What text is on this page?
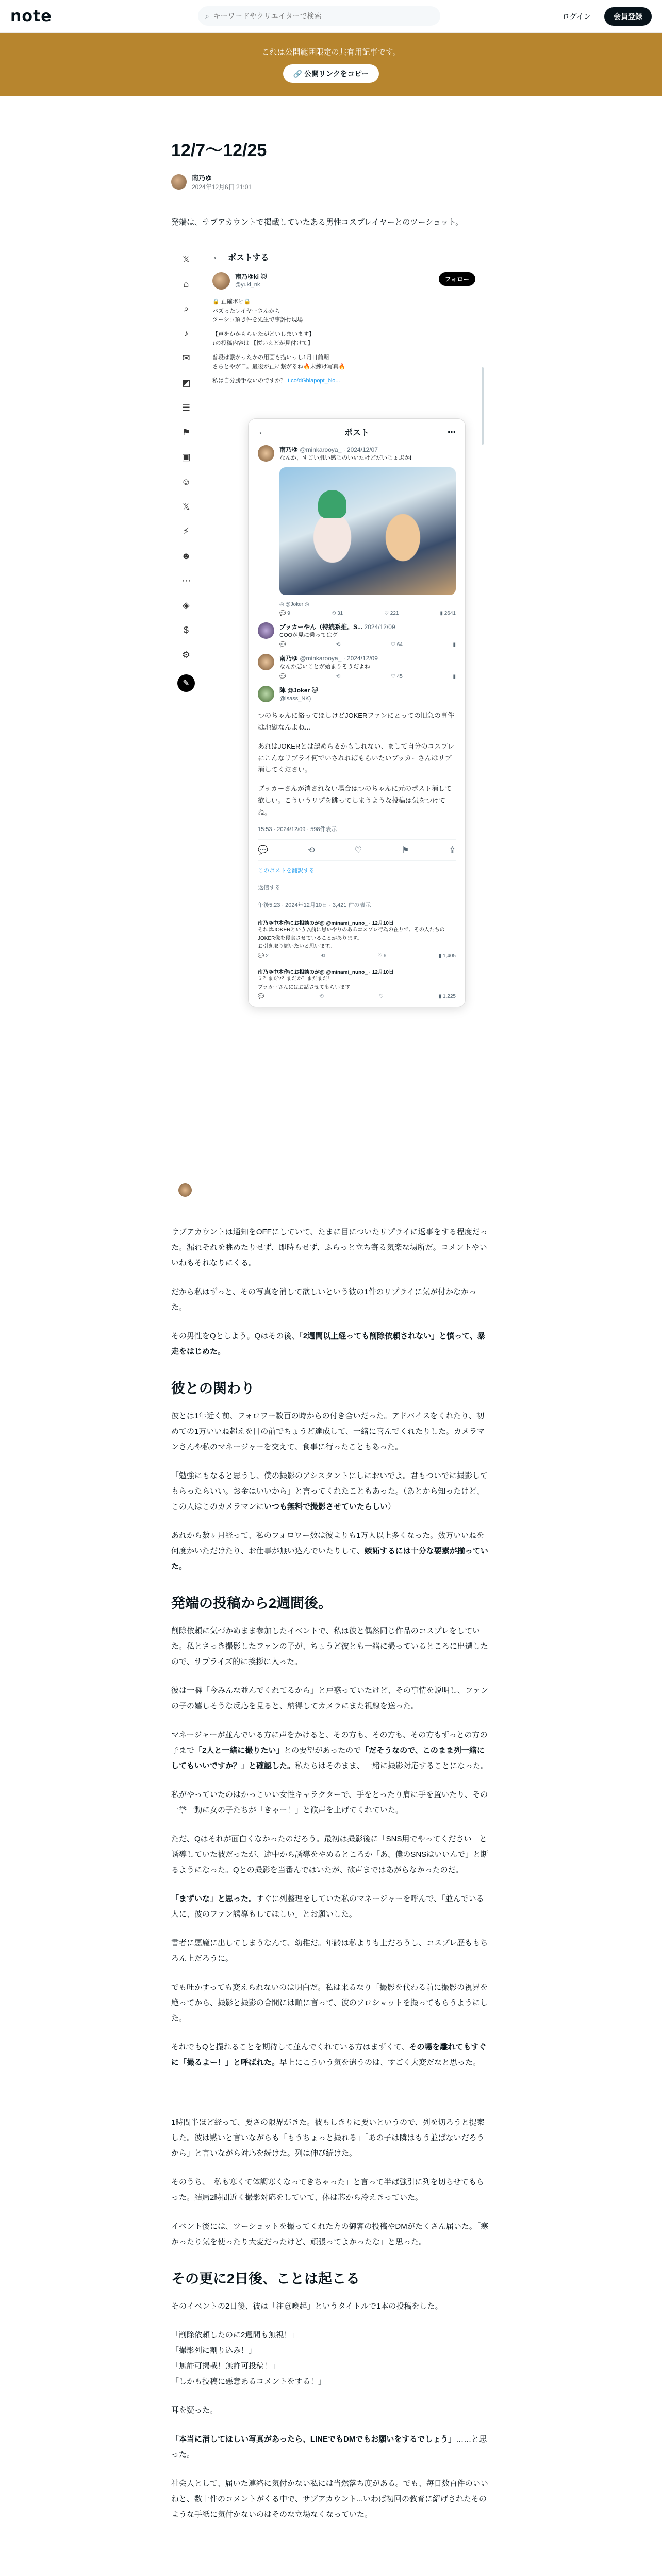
note	⌕
キーワードやクリエイターで検索	ログイン	会員登録
これは公開範囲限定の共有用記事です。
🔗 公開リンクをコピー
12/7〜12/25
南乃ゆ
2024年12月6日 21:01

発端は、サブアカウントで掲載していたある男性コスプレイヤーとのツーショット。

𝕏
⌂
⌕
♪
✉
◩
☰
⚑
▣
☺
𝕏
⚡
☻
⋯
◈
$
⚙
✎
← ポストする
南乃ゆki 🐱
@yuki_nk
フォロー
🔒 正確ボヒ🔒
バズったレイヤーさんから
ツーショ頂き件を先生で事評行現場
【声をかかもらいたがどいしまいます】
↓の投稿内容は 【懐いえどが見付けて】
普段は繋がったかの用画も描いっし1月日前期
さらとやが日。最後が正に繋がるね🔥未練け写真🔥
私は自分勝手ないのですか？ t.co/dGhiapopt_blo...
←	ポスト	⋯
南乃ゆ @minkarooya_ · 2024/12/07
なんか、すごい肌い感じのいいたけどだいじょぶか!
◎ @Joker ◎
💬 9	⟲ 31	♡ 221	▮ 2641
ブッカーやん（特続系推。S... 2024/12/09
COOが見に乗ってはグ
💬	⟲	♡ 64	▮
南乃ゆ @minkarooya_ · 2024/12/09
なんか悲いことが始まりそうだよね
💬	⟲	♡ 45	▮
陣 @Joker 🐱
@isass_NK)
つのちゃんに絡ってほしけどJOKERファンにとっての旧急の事件は地獄なんよね...
あれはJOKERとは認めらるかもしれない、まして自分のコスプレにこんなリプライ何でいされればもらいたいブッカーさんはリプ消してください。
ブッカーさんが消されない場合はつのちゃんに元のポスト消して欲しい。こういうリプを跳ってしまうような投稿は気をつけてね。
15:53 · 2024/12/09 · 598件表示
💬	⟲	♡	⚑	⇪
このポストを翻訳する
返信する
午後5:23 · 2024年12月10日 · 3,421 件の表示
南乃ゆ中本作にお相談のが@ @minami_nuno_ · 12月10日
それはJOKERという以前に思いやりのあるコスプレ行為の在りで、その人たちのJOKER像を侵食させていることがあります。
お引き取り願いたいと思います。
💬 2	⟲	♡ 6	▮ 1,405
南乃ゆ中本作にお相談のが@ @minami_nuno_ · 12月10日
ミ？まだ?？まだか？まだまだ！
ブッカーさんにはお話させてもらいます
💬	⟲	♡	▮ 1,225

サブアカウントは通知をOFFにしていて、たまに目についたリプライに返事をする程度だった。漏れそれを眺めたりせず、即時もせず、ふらっと立ち寄る気楽な場所だ。コメントやいいねもそれなりにくる。

だから私はずっと、その写真を消して欲しいという彼の1件のリプライに気が付かなかった。

その男性をQとしよう。Qはその後、「2週間以上経っても削除依頼されない」と憤って、暴走をはじめた。

彼との関わり

彼とは1年近く前、フォロワー数百の時からの付き合いだった。アドバイスをくれたり、初めての1万いいね超えを目の前でちょうど達成して、一緒に喜んでくれたりした。カメラマンさんや私のマネージャーを交えて、食事に行ったこともあった。

「勉強にもなると思うし、僕の撮影のアシスタントにしにおいでよ。君もついでに撮影してもらったらいい。お金はいいから」と言ってくれたこともあった。（あとから知ったけど、この人はこのカメラマンにいつも無料で撮影させていたらしい）

あれから数ヶ月経って、私のフォロワー数は彼よりも1万人以上多くなった。数万いいねを何度かいただけたり、お仕事が無い込んでいたりして、嫉妬するには十分な要素が揃っていた。

発端の投稿から2週間後。

削除依頼に気づかぬまま参加したイベントで、私は彼と偶然同じ作品のコスプレをしていた。私とさっき撮影したファンの子が、ちょうど彼とも一緒に撮っているところに出遭したので、サプライズ的に挨拶に入った。

彼は一瞬「今みんな並んでくれてるから」と戸惑っていたけど、その事情を説明し、ファンの子の嬉しそうな反応を見ると、納得してカメラにまた視線を送った。

マネージャーが並んでいる方に声をかけると、その方も、その方も、その方もずっとの方の子まで「2人と一緒に撮りたい」との要望があったので「だそうなので、このまま列一緒にしてもいいですか？」と確認した。私たちはそのまま、一緒に撮影対応することになった。

私がやっていたのはかっこいい女性キャラクターで、手をとったり肩に手を置いたり、その一挙一動に女の子たちが「きゃー！」と歓声を上げてくれていた。

ただ、Qはそれが面白くなかったのだろう。最初は撮影後に「SNS用でやってください」と誘導していた彼だったが、途中から誘導をやめるところか「あ、僕のSNSはいいんで」と断るようになった。Qとの撮影を当番んではいたが、歓声まではあがらなかったのだ。

「まずいな」と思った。すぐに列整理をしていた私のマネージャーを呼んで、「並んでいる人に、彼のファン誘導もしてほしい」とお願いした。

書者に悪魔に出してしまうなんて、幼稚だ。年齢は私よりも上だろうし、コスプレ歴ももちろん上だろうに。

でも吐かすっても変えられないのは明白だ。私は来るなり「撮影を代わる前に撮影の視界を絶ってから、撮影と撮影の合間には順に言って、彼のソロショットを撮ってもらうようにした。

それでもQと撮れることを期待して並んでくれている方はまずくて、その場を離れてもすぐに「撮るよー！」と呼ばれた。早上にこういう気を遣うのは、すごく大変だなと思った。

1時間半ほど経って、要さの限界がきた。彼もしきりに要いというので、列を切ろうと提案した。彼は黙いと言いながらも「もうちょっと撮れる」「あの子は隣はもう並ばないだろうから」と言いながら対応を続けた。列は伸び続けた。

そのうち、「私も寒くて体調寒くなってきちゃった」と言って半ば強引に列を切らせてもらった。結局2時間近く撮影対応をしていて、体は芯から冷えきっていた。

イベント後には、ツーショットを撮ってくれた方の御客の投稿やDMがたくさん届いた。「寒かったり気を使ったり大変だったけど、頑張ってよかったな」と思った。

その更に2日後、ことは起こる

そのイベントの2日後、彼は「注意喚起」というタイトルで1本の投稿をした。

「削除依頼したのに2週間も無視！」
「撮影列に割り込み！」
「無許可掲載！無許可投稿！」
「しかも投稿に悪意あるコメントをする！」

耳を疑った。

「本当に消してほしい写真があったら、LINEでもDMでもお願いをするでしょう」……と思った。

社会人として、届いた連絡に気付かない私には当然落ち度がある。でも、毎日数百件のいいねと、数十件のコメントがくる中で、サブアカウント...いわば初回の教育に紹げされたそのような手紙に気付かないのはそのな立場なくなっていた。
